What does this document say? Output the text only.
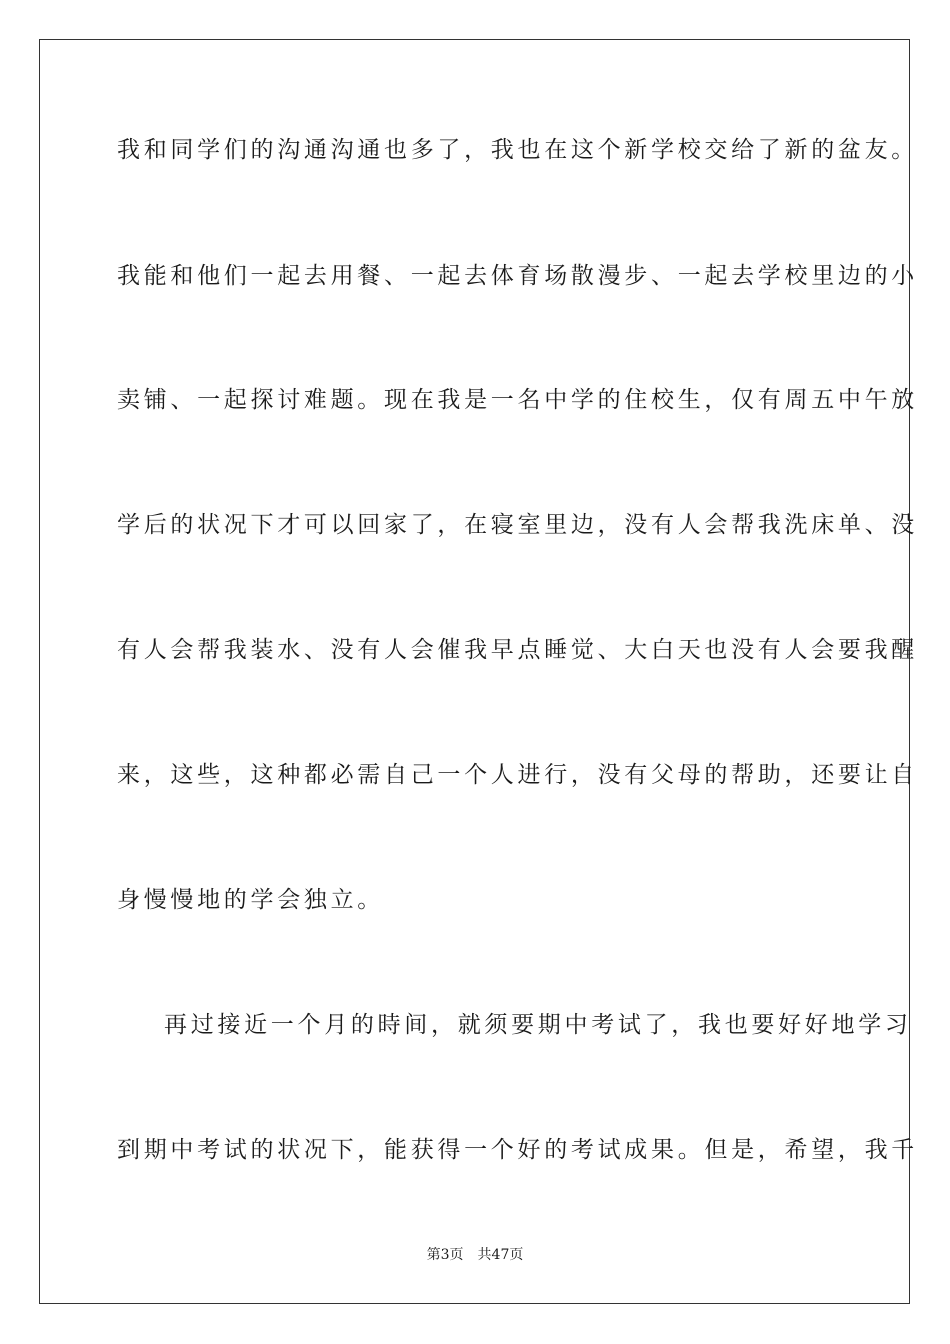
我和同学们的沟通沟通也多了，我也在这个新学校交给了新的盆友。
我能和他们一起去用餐、一起去体育场散漫步、一起去学校里边的小
卖铺、一起探讨难题。现在我是一名中学的住校生，仅有周五中午放
学后的状况下才可以回家了，在寝室里边，没有人会帮我洗床单、没
有人会帮我装水、没有人会催我早点睡觉、大白天也没有人会要我醒
来，这些，这种都必需自己一个人进行，没有父母的帮助，还要让自
身慢慢地的学会独立。
再过接近一个月的時间，就须要期中考试了，我也要好好地学习
到期中考试的状况下，能获得一个好的考试成果。但是，希望，我千
第3页 共47页
